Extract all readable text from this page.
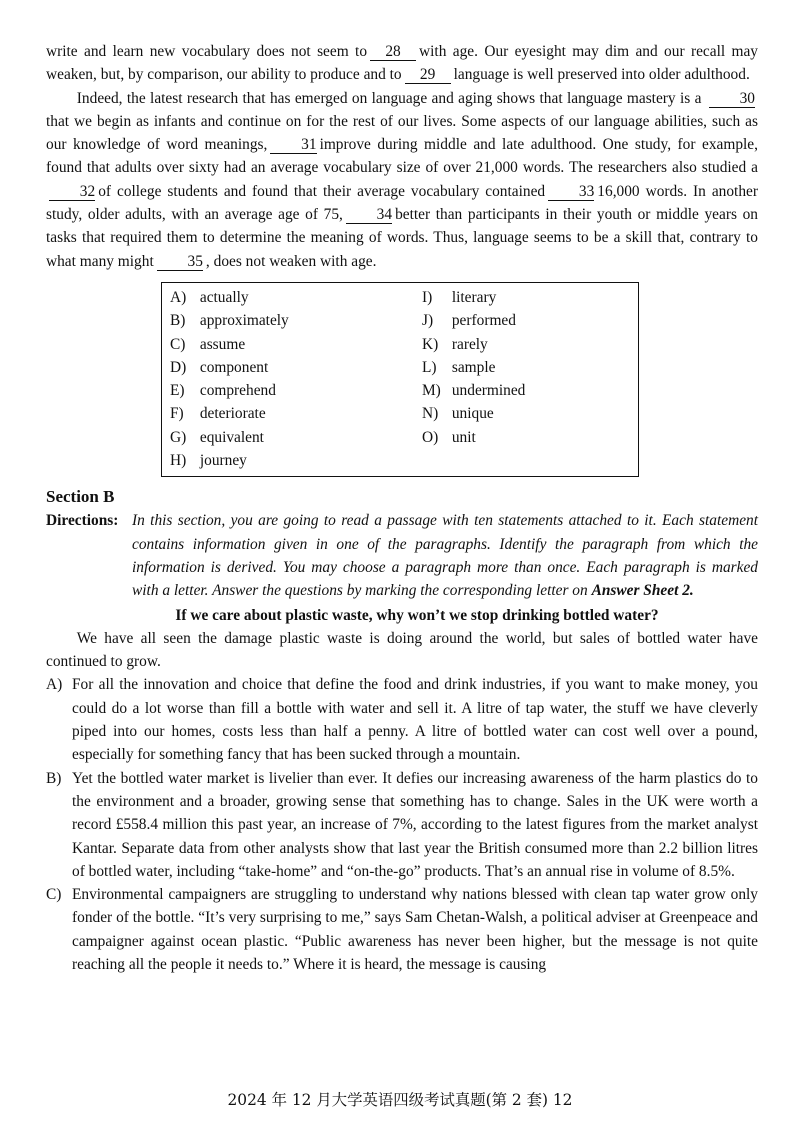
write and learn new vocabulary does not seem to 28 with age. Our eyesight may dim and our recall may weaken, but, by comparison, our ability to produce and to 29 language is well preserved into older adulthood.

Indeed, the latest research that has emerged on language and aging shows that language mastery is a 30that we begin as infants and continue on for the rest of our lives. Some aspects of our language abilities, such as our knowledge of word meanings, 31 improve during middle and late adulthood. One study, for example, found that adults over sixty had an average vocabulary size of over 21,000 words. The researchers also studied a32 of college students and found that their average vocabulary contained 33 16,000 words. In another study, older adults, with an average age of 75, 34 better than participants in their youth or middle years on tasks that required them to determine the meaning of words. Thus, language seems to be a skill that, contrary to what many might 35 , does not weaken with age.

A) actually
B) approximately
C) assume
D) component
E) comprehend
F) deteriorate
G) equivalent
H) journey
I) literary
J) performed
K) rarely
L) sample
M) undermined
N) unique
O) unit
Section B
Directions: In this section, you are going to read a passage with ten statements attached to it. Each statement contains information given in one of the paragraphs. Identify the paragraph from which the information is derived. You may choose a paragraph more than once. Each paragraph is marked with a letter. Answer the questions by marking the corresponding letter on Answer Sheet 2.
If we care about plastic waste, why won’t we stop drinking bottled water?

We have all seen the damage plastic waste is doing around the world, but sales of bottled water have continued to grow.

A) For all the innovation and choice that define the food and drink industries, if you want to make money, you could do a lot worse than fill a bottle with water and sell it. A litre of tap water, the stuff we have cleverly piped into our homes, costs less than half a penny. A litre of bottled water can cost well over a pound, especially for something fancy that has been sucked through a mountain.
B) Yet the bottled water market is livelier than ever. It defies our increasing awareness of the harm plastics do to the environment and a broader, growing sense that something has to change. Sales in the UK were worth a record £558.4 million this past year, an increase of 7%, according to the latest figures from the market analyst Kantar. Separate data from other analysts show that last year the British consumed more than 2.2 billion litres of bottled water, including “take-home” and “on-the-go” products. That’s an annual rise in volume of 8.5%.
C) Environmental campaigners are struggling to understand why nations blessed with clean tap water grow only fonder of the bottle. “It’s very surprising to me,” says Sam Chetan-Walsh, a political adviser at Greenpeace and campaigner against ocean plastic. “Public awareness has never been higher, but the message is not quite reaching all the people it needs to.” Where it is heard, the message is causing
2024 年 12 月大学英语四级考试真题(第 2 套) 12
